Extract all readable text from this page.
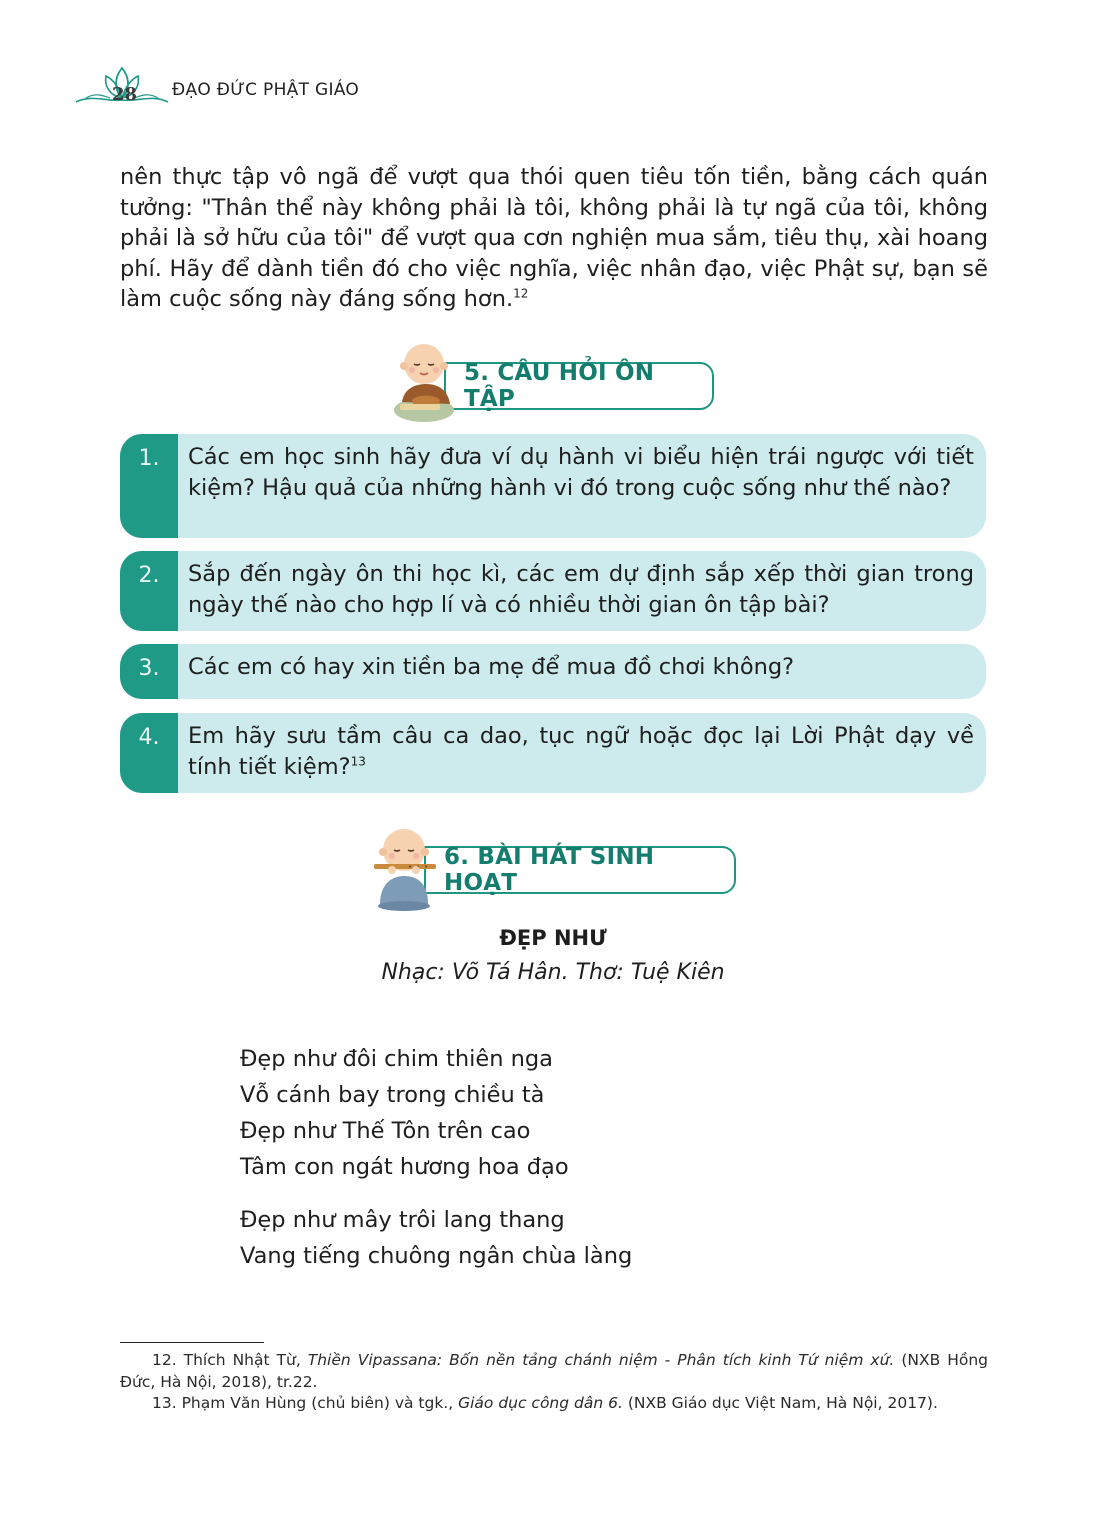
28 ĐẠO ĐỨC PHẬT GIÁO
nên thực tập vô ngã để vượt qua thói quen tiêu tốn tiền, bằng cách quán tưởng: "Thân thể này không phải là tôi, không phải là tự ngã của tôi, không phải là sở hữu của tôi" để vượt qua cơn nghiện mua sắm, tiêu thụ, xài hoang phí. Hãy để dành tiền đó cho việc nghĩa, việc nhân đạo, việc Phật sự, bạn sẽ làm cuộc sống này đáng sống hơn.$^{12}$
5. CÂU HỎI ÔN TẬP
1.	Các em học sinh hãy đưa ví dụ hành vi biểu hiện trái ngược với tiết kiệm? Hậu quả của những hành vi đó trong cuộc sống như thế nào?
2.	Sắp đến ngày ôn thi học kì, các em dự định sắp xếp thời gian trong ngày thế nào cho hợp lí và có nhiều thời gian ôn tập bài?
3.	Các em có hay xin tiền ba mẹ để mua đồ chơi không?
4.	Em hãy sưu tầm câu ca dao, tục ngữ hoặc đọc lại Lời Phật dạy về tính tiết kiệm?$^{13}$
6. BÀI HÁT SINH HOẠT
ĐẸP NHƯ
Nhạc: Võ Tá Hân. Thơ: Tuệ Kiên
Đẹp như đôi chim thiên nga
Vỗ cánh bay trong chiều tà
Đẹp như Thế Tôn trên cao
Tâm con ngát hương hoa đạo
Đẹp như mây trôi lang thang
Vang tiếng chuông ngân chùa làng

12. Thích Nhật Từ, Thiền Vipassana: Bốn nền tảng chánh niệm - Phân tích kinh Tứ niệm xứ. (NXB Hồng Đức, Hà Nội, 2018), tr.22.

13. Phạm Văn Hùng (chủ biên) và tgk., Giáo dục công dân 6. (NXB Giáo dục Việt Nam, Hà Nội, 2017).
